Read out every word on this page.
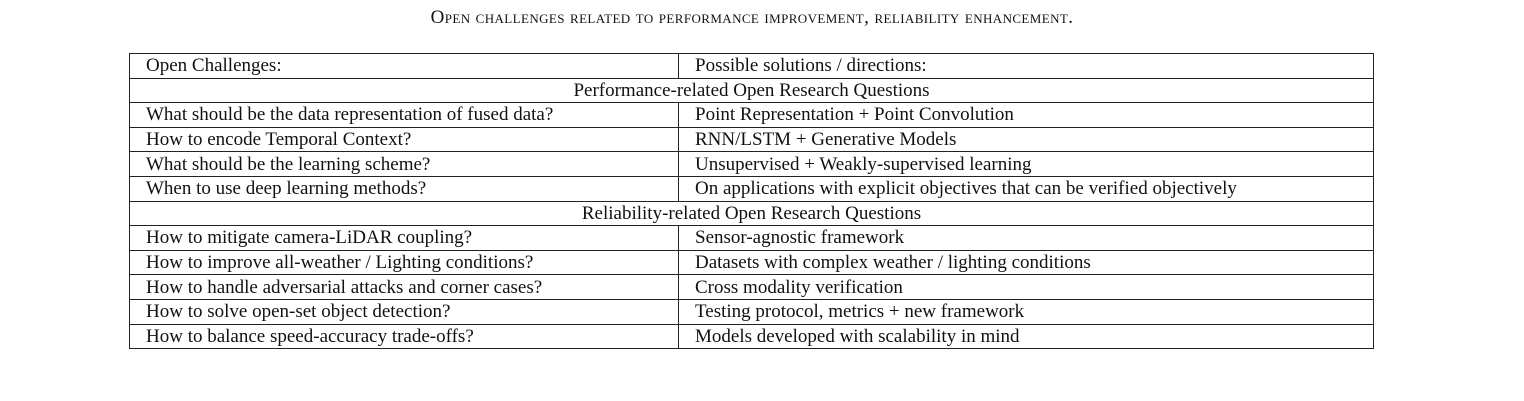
Open challenges related to performance improvement, reliability enhancement.
Open Challenges:	Possible solutions / directions:
Performance-related Open Research Questions	
What should be the data representation of fused data?	Point Representation + Point Convolution
How to encode Temporal Context?	RNN/LSTM + Generative Models
What should be the learning scheme?	Unsupervised + Weakly-supervised learning
When to use deep learning methods?	On applications with explicit objectives that can be verified objectively
Reliability-related Open Research Questions	
How to mitigate camera-LiDAR coupling?	Sensor-agnostic framework
How to improve all-weather / Lighting conditions?	Datasets with complex weather / lighting conditions
How to handle adversarial attacks and corner cases?	Cross modality verification
How to solve open-set object detection?	Testing protocol, metrics + new framework
How to balance speed-accuracy trade-offs?	Models developed with scalability in mind
